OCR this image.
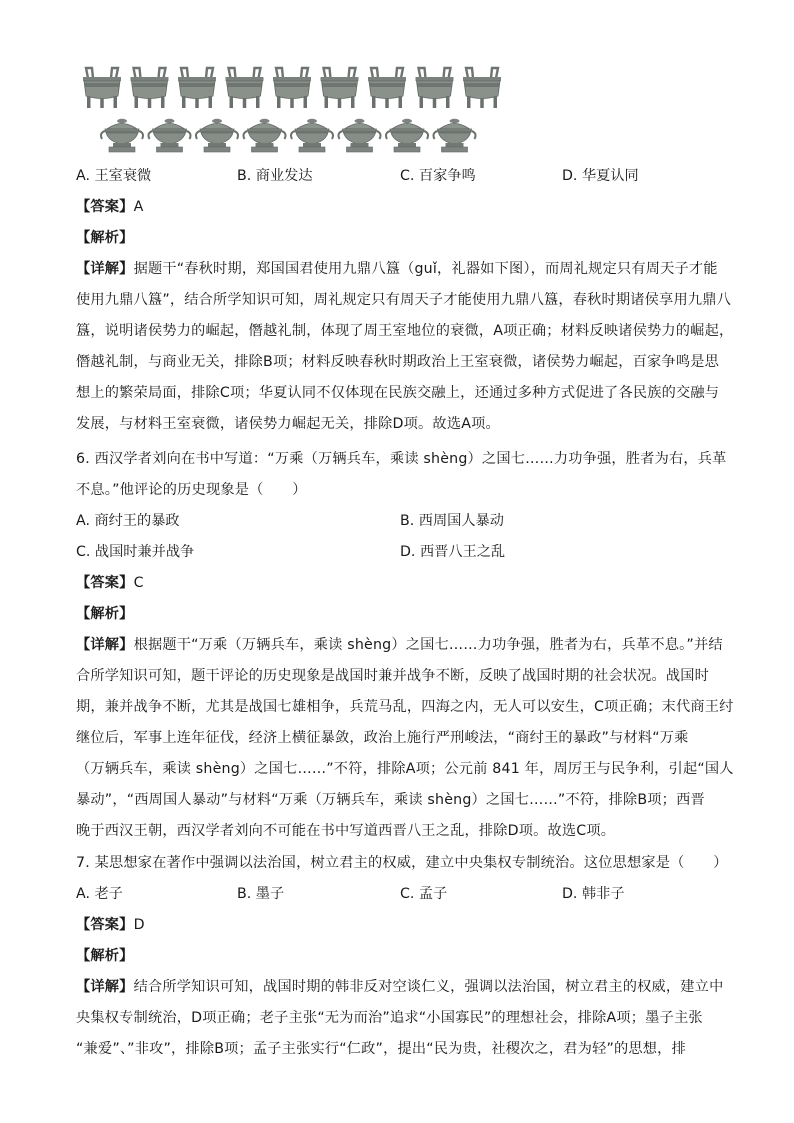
A. 王室衰微	B. 商业发达	C. 百家争鸣	D. 华夏认同
【答案】A
【解析】
【详解】据题干“春秋时期，郑国国君使用九鼎八簋（guǐ，礼器如下图），而周礼规定只有周天子才能
使用九鼎八簋”，结合所学知识可知，周礼规定只有周天子才能使用九鼎八簋，春秋时期诸侯享用九鼎八
簋，说明诸侯势力的崛起，僭越礼制，体现了周王室地位的衰微，A项正确；材料反映诸侯势力的崛起，
僭越礼制，与商业无关，排除B项；材料反映春秋时期政治上王室衰微，诸侯势力崛起，百家争鸣是思
想上的繁荣局面，排除C项；华夏认同不仅体现在民族交融上，还通过多种方式促进了各民族的交融与
发展，与材料王室衰微，诸侯势力崛起无关，排除D项。故选A项。
6. 西汉学者刘向在书中写道：“万乘（万辆兵车，乘读 shèng）之国七……力功争强，胜者为右，兵革
不息。”他评论的历史现象是（　　）
A. 商纣王的暴政	B. 西周国人暴动
C. 战国时兼并战争	D. 西晋八王之乱
【答案】C
【解析】
【详解】根据题干“万乘（万辆兵车，乘读 shèng）之国七……力功争强，胜者为右，兵革不息。”并结
合所学知识可知，题干评论的历史现象是战国时兼并战争不断，反映了战国时期的社会状况。战国时
期，兼并战争不断，尤其是战国七雄相争，兵荒马乱，四海之内，无人可以安生，C项正确；末代商王纣
继位后，军事上连年征伐，经济上横征暴敛，政治上施行严刑峻法，“商纣王的暴政”与材料“万乘
（万辆兵车，乘读 shèng）之国七……”不符，排除A项；公元前 841 年，周厉王与民争利，引起“国人
暴动”，“西周国人暴动”与材料“万乘（万辆兵车，乘读 shèng）之国七……”不符，排除B项；西晋
晚于西汉王朝，西汉学者刘向不可能在书中写道西晋八王之乱，排除D项。故选C项。
7. 某思想家在著作中强调以法治国，树立君主的权威，建立中央集权专制统治。这位思想家是（　　）
A. 老子	B. 墨子	C. 孟子	D. 韩非子
【答案】D
【解析】
【详解】结合所学知识可知，战国时期的韩非反对空谈仁义，强调以法治国，树立君主的权威，建立中
央集权专制统治，D项正确；老子主张“无为而治”追求“小国寡民”的理想社会，排除A项；墨子主张
“兼爱”、”非攻”，排除B项；孟子主张实行“仁政”，提出“民为贵，社稷次之，君为轻”的思想，排
